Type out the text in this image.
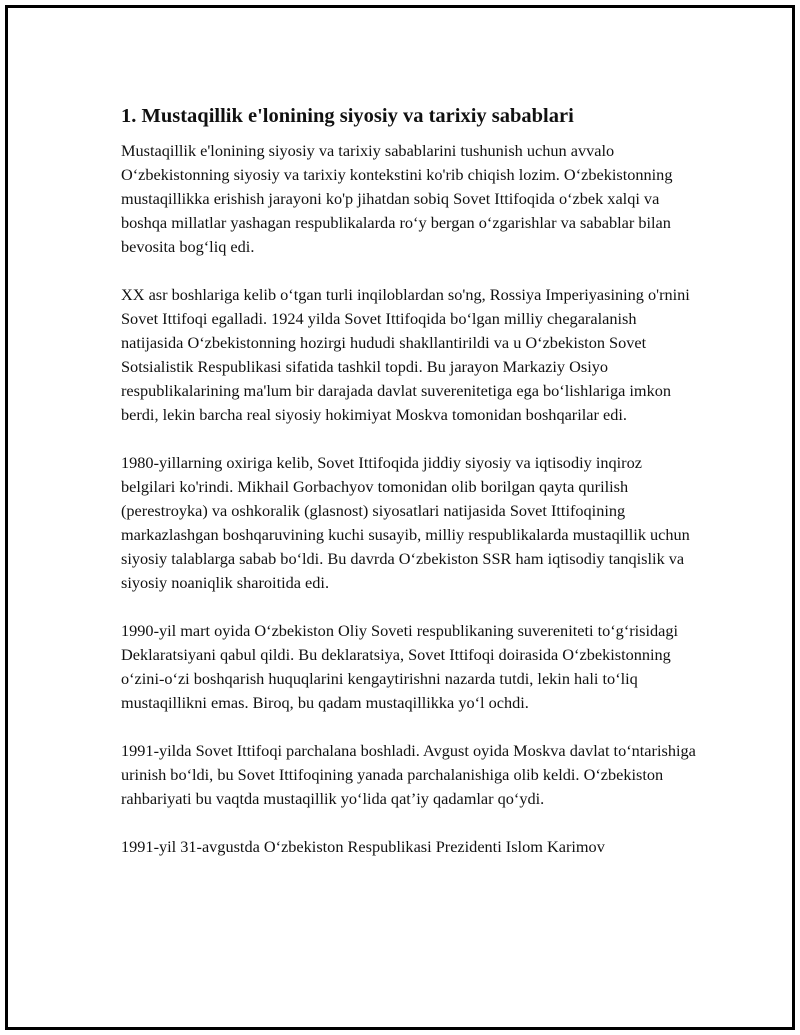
1. Mustaqillik e'lonining siyosiy va tarixiy sabablari

Mustaqillik e'lonining siyosiy va tarixiy sabablarini tushunish uchun avvalo O‘zbekistonning siyosiy va tarixiy kontekstini ko'rib chiqish lozim. O‘zbekistonning mustaqillikka erishish jarayoni ko'p jihatdan sobiq Sovet Ittifoqida o‘zbek xalqi va boshqa millatlar yashagan respublikalarda ro‘y bergan o‘zgarishlar va sabablar bilan bevosita bog‘liq edi.

XX asr boshlariga kelib o‘tgan turli inqiloblardan so'ng, Rossiya Imperiyasining o'rnini Sovet Ittifoqi egalladi. 1924 yilda Sovet Ittifoqida bo‘lgan milliy chegaralanish natijasida O‘zbekistonning hozirgi hududi shakllantirildi va u O‘zbekiston Sovet Sotsialistik Respublikasi sifatida tashkil topdi. Bu jarayon Markaziy Osiyo respublikalarining ma'lum bir darajada davlat suverenitetiga ega bo‘lishlariga imkon berdi, lekin barcha real siyosiy hokimiyat Moskva tomonidan boshqarilar edi.

1980-yillarning oxiriga kelib, Sovet Ittifoqida jiddiy siyosiy va iqtisodiy inqiroz belgilari ko'rindi. Mikhail Gorbachyov tomonidan olib borilgan qayta qurilish (perestroyka) va oshkoralik (glasnost) siyosatlari natijasida Sovet Ittifoqining markazlashgan boshqaruvining kuchi susayib, milliy respublikalarda mustaqillik uchun siyosiy talablarga sabab bo‘ldi. Bu davrda O‘zbekiston SSR ham iqtisodiy tanqislik va siyosiy noaniqlik sharoitida edi.

1990-yil mart oyida O‘zbekiston Oliy Soveti respublikaning suvereniteti to‘g‘risidagi Deklaratsiyani qabul qildi. Bu deklaratsiya, Sovet Ittifoqi doirasida O‘zbekistonning o‘zini-o‘zi boshqarish huquqlarini kengaytirishni nazarda tutdi, lekin hali to‘liq mustaqillikni emas. Biroq, bu qadam mustaqillikka yo‘l ochdi.

1991-yilda Sovet Ittifoqi parchalana boshladi. Avgust oyida Moskva davlat to‘ntarishiga urinish bo‘ldi, bu Sovet Ittifoqining yanada parchalanishiga olib keldi. O‘zbekiston rahbariyati bu vaqtda mustaqillik yo‘lida qat’iy qadamlar qo‘ydi.

1991-yil 31-avgustda O‘zbekiston Respublikasi Prezidenti Islom Karimov
